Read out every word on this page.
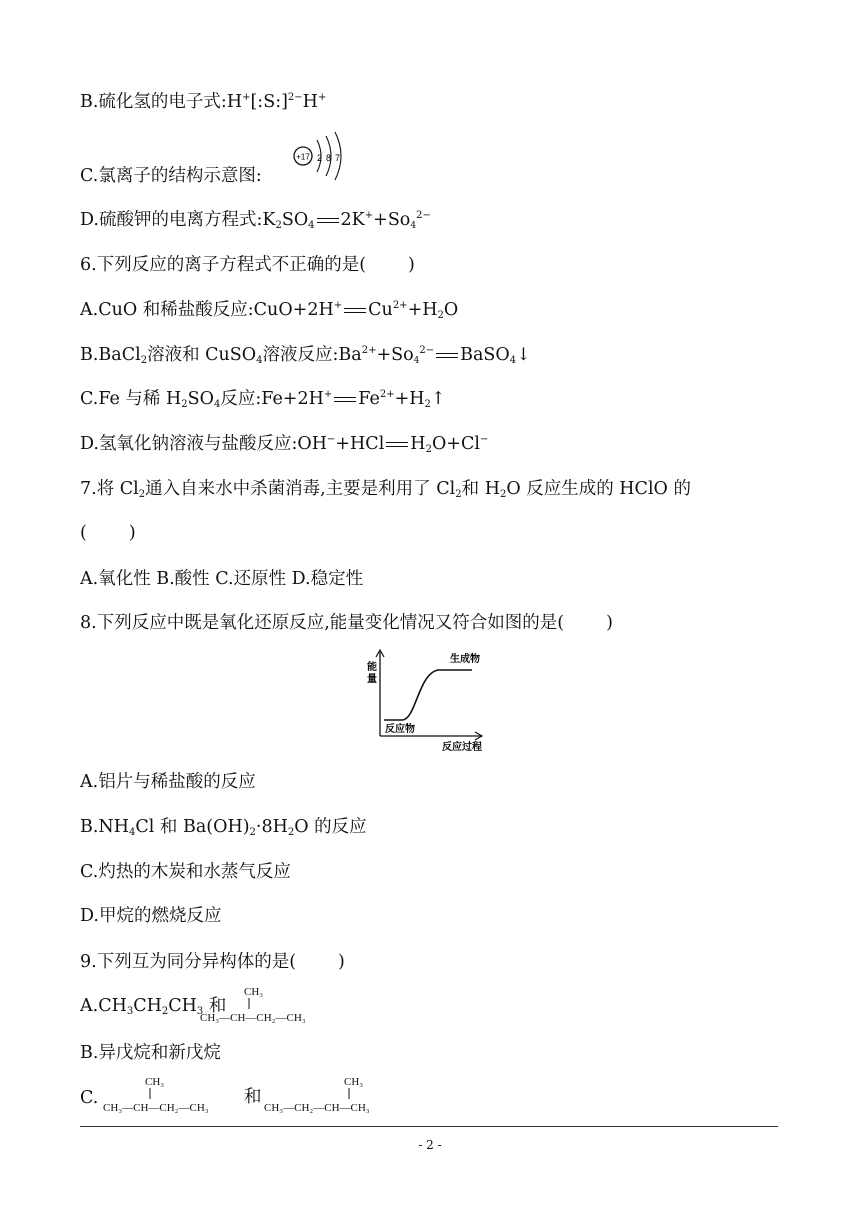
B.硫化氢的电子式:H+[:S:]$^{2-}$H+
C.氯离子的结构示意图:
+17 2 8 7
D.硫酸钾的电离方程式$:K_2SO_4$ $2K^++So_4^{2-}$
6.下列反应的离子方程式不正确的是( )
A.CuO 和稀盐酸反应:CuO+2H+ $Cu^{2+}+H_2O$
B.BaCl$_2$溶液和 CuSO$_4$溶液反应$:Ba^{2+}+So_4^{2-}$ BaSO$_4$↓
C.Fe 与稀 $H_2SO_4$反应:Fe+2H+ $Fe^{2+}+H_2↑$
D.氢氧化钠溶液与盐酸反应:OH−+HCl $H_2O+Cl^-$
7.将 $Cl_2$通入自来水中杀菌消毒,主要是利用了 $Cl_2$和 $H_2O$ 反应生成的 HClO 的
( )
A.氧化性 B.酸性 C.还原性 D.稳定性
8.下列反应中既是氧化还原反应,能量变化情况又符合如图的是( )
能
量
生成物
反应物
反应过程
A.铝片与稀盐酸的反应
$B.NH_4Cl$ 和 $Ba(OH)_2\cdot 8H_2O$ 的反应
C.灼热的木炭和水蒸气反应
D.甲烷的燃烧反应
9.下列互为同分异构体的是( )
$A.CH_3CH_2CH_3$ 和
CH₃
CH₃—CH—CH₂—CH₃
B.异戊烷和新戊烷
C.
CH₃
CH₃—CH—CH₂—CH₃
和
CH₃
CH₃—CH₂—CH—CH₃
- 2 -
